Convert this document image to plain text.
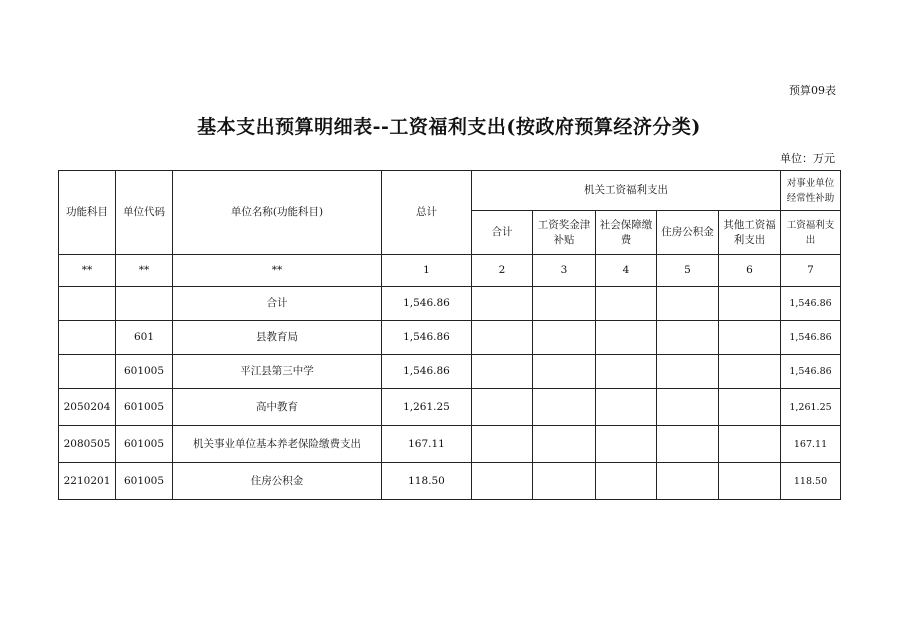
预算09表
基本支出预算明细表--工资福利支出(按政府预算经济分类)
单位：万元
功能科目	单位代码	单位名称(功能科目)	总计	机关工资福利支出					对事业单位经常性补助
				合计	工资奖金津补贴	社会保障缴费	住房公积金	其他工资福利支出	工资福利支出
**	**	**	1	2	3	4	5	6	7
		合计	1,546.86						1,546.86
	601	县教育局	1,546.86						1,546.86
	601005	平江县第三中学	1,546.86						1,546.86
2050204	601005	高中教育	1,261.25						1,261.25
2080505	601005	机关事业单位基本养老保险缴费支出	167.11						167.11
2210201	601005	住房公积金	118.50						118.50
